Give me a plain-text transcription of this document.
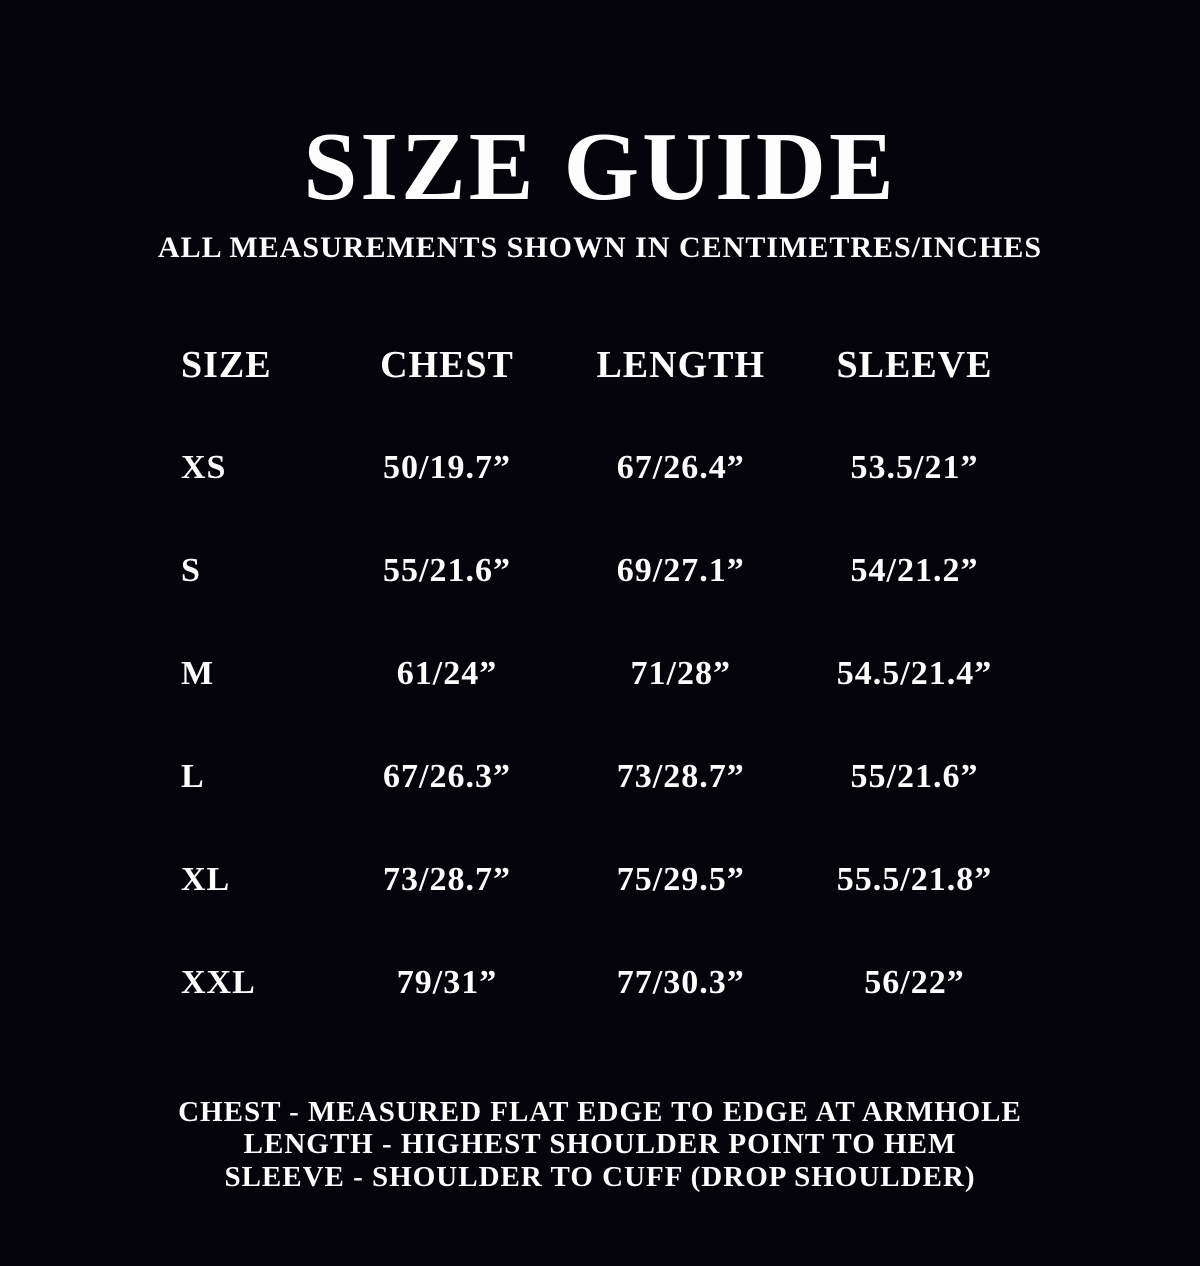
SIZE GUIDE
ALL MEASUREMENTS SHOWN IN CENTIMETRES/INCHES
SIZE	CHEST	LENGTH	SLEEVE
XS	50/19.7”	67/26.4”	53.5/21”
S	55/21.6”	69/27.1”	54/21.2”
M	61/24”	71/28”	54.5/21.4”
L	67/26.3”	73/28.7”	55/21.6”
XL	73/28.7”	75/29.5”	55.5/21.8”
XXL	79/31”	77/30.3”	56/22”
CHEST - MEASURED FLAT EDGE TO EDGE AT ARMHOLE
LENGTH - HIGHEST SHOULDER POINT TO HEM
SLEEVE - SHOULDER TO CUFF (DROP SHOULDER)
